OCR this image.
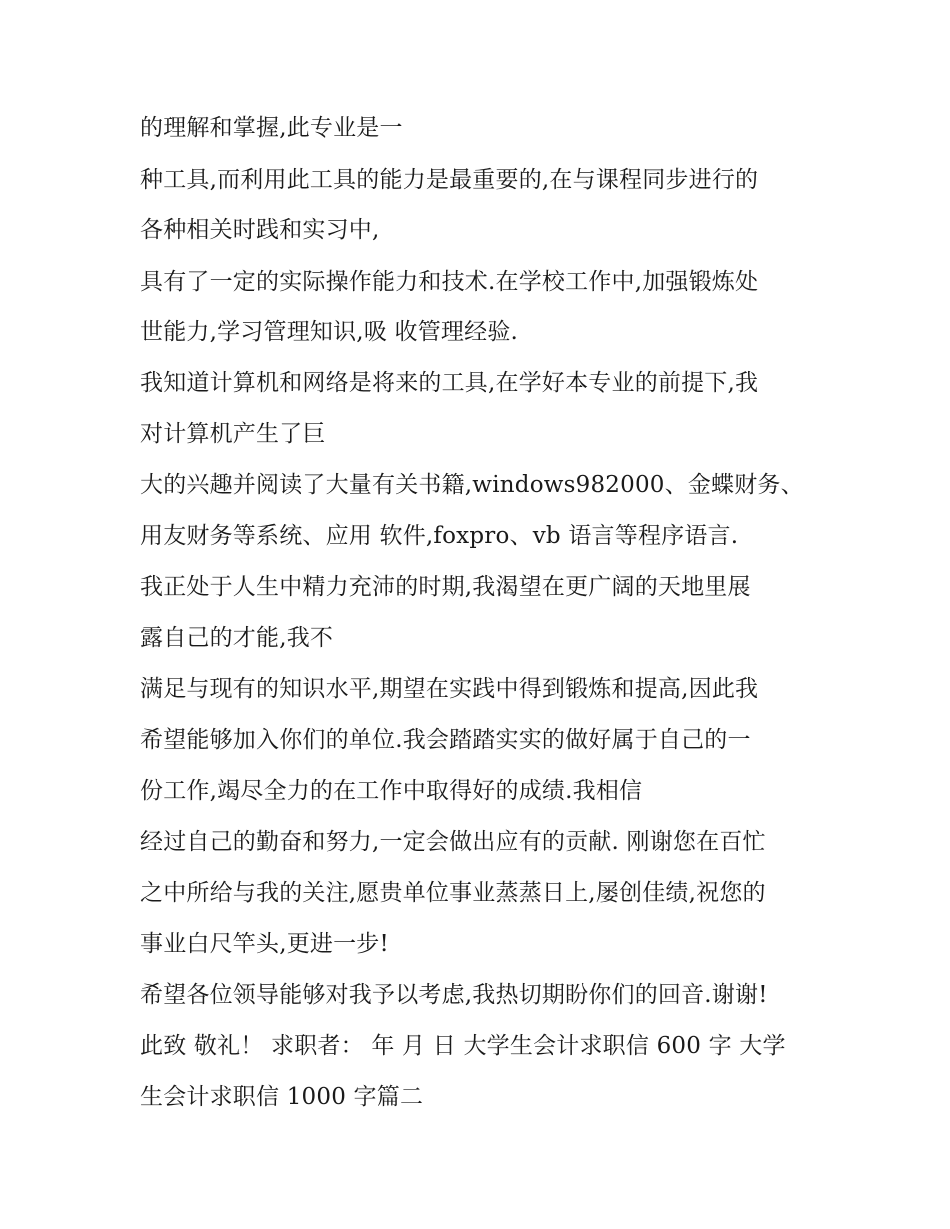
的理解和掌握,此专业是一

种工具,而利用此工具的能力是最重要的,在与课程同步进行的

各种相关时践和实习中,

具有了一定的实际操作能力和技术.在学校工作中,加强锻炼处

世能力,学习管理知识,吸 收管理经验.

我知道计算机和网络是将来的工具,在学好本专业的前提下,我

对计算机产生了巨

大的兴趣并阅读了大量有关书籍,windows982000、金蝶财务、

用友财务等系统、应用 软件,foxpro、vb 语言等程序语言.

我正处于人生中精力充沛的时期,我渴望在更广阔的天地里展

露自己的才能,我不

满足与现有的知识水平,期望在实践中得到锻炼和提高,因此我

希望能够加入你们的单位.我会踏踏实实的做好属于自己的一

份工作,竭尽全力的在工作中取得好的成绩.我相信

经过自己的勤奋和努力,一定会做出应有的贡献. 刚谢您在百忙

之中所给与我的关注,愿贵单位事业蒸蒸日上,屡创佳绩,祝您的

事业白尺竿头,更进一步!

希望各位领导能够对我予以考虑,我热切期盼你们的回音.谢谢!

此致 敬礼！ 求职者： 年 月 日 大学生会计求职信 600 字 大学

生会计求职信 1000 字篇二
